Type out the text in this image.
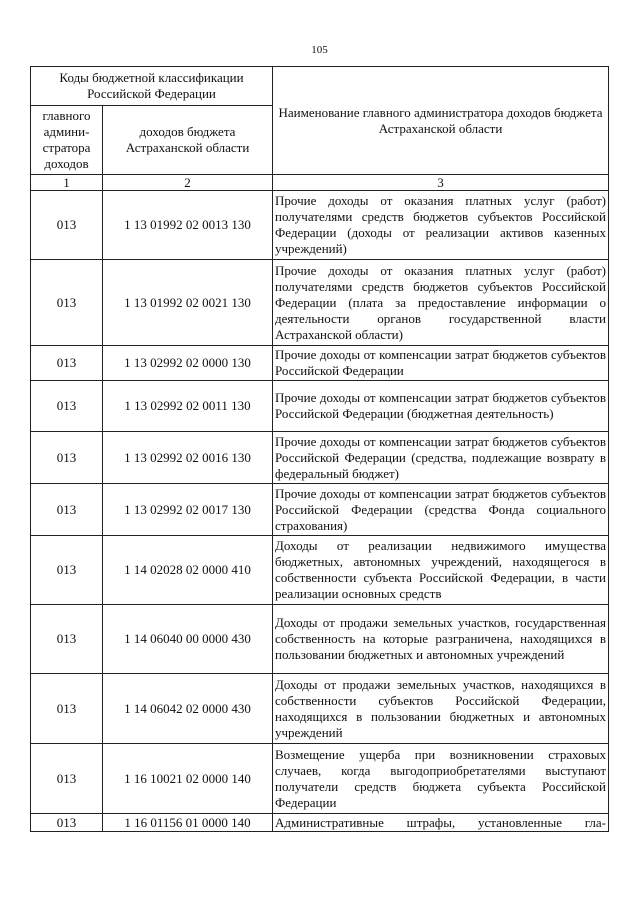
105
Коды бюджетной классификации Российской Федерации		Наименование главного администратора доходов бюджета Астраханской области
главного админи-стратора доходов	доходов бюджета Астраханской области	
1	2	3
013	1 13 01992 02 0013 130	Прочие доходы от оказания платных услуг (работ) получателями средств бюджетов субъектов Российской Федерации (доходы от реализации активов казенных учреждений)
013	1 13 01992 02 0021 130	Прочие доходы от оказания платных услуг (работ) получателями средств бюджетов субъектов Российской Федерации (плата за предоставление информации о деятельности органов государственной власти Астраханской области)
013	1 13 02992 02 0000 130	Прочие доходы от компенсации затрат бюджетов субъектов Российской Федерации
013	1 13 02992 02 0011 130	Прочие доходы от компенсации затрат бюджетов субъектов Российской Федерации (бюджетная деятельность)
013	1 13 02992 02 0016 130	Прочие доходы от компенсации затрат бюджетов субъектов Российской Федерации (средства, подлежащие возврату в федеральный бюджет)
013	1 13 02992 02 0017 130	Прочие доходы от компенсации затрат бюджетов субъектов Российской Федерации (средства Фонда социального страхования)
013	1 14 02028 02 0000 410	Доходы от реализации недвижимого имущества бюджетных, автономных учреждений, находящегося в собственности субъекта Российской Федерации, в части реализации основных средств
013	1 14 06040 00 0000 430	Доходы от продажи земельных участков, государственная собственность на которые разграничена, находящихся в пользовании бюджетных и автономных учреждений
013	1 14 06042 02 0000 430	Доходы от продажи земельных участков, находящихся в собственности субъектов Российской Федерации, находящихся в пользовании бюджетных и автономных учреждений
013	1 16 10021 02 0000 140	Возмещение ущерба при возникновении страховых случаев, когда выгодоприобретателями выступают получатели средств бюджета субъекта Российской Федерации
013	1 16 01156 01 0000 140	Административные штрафы, установленные гла-
